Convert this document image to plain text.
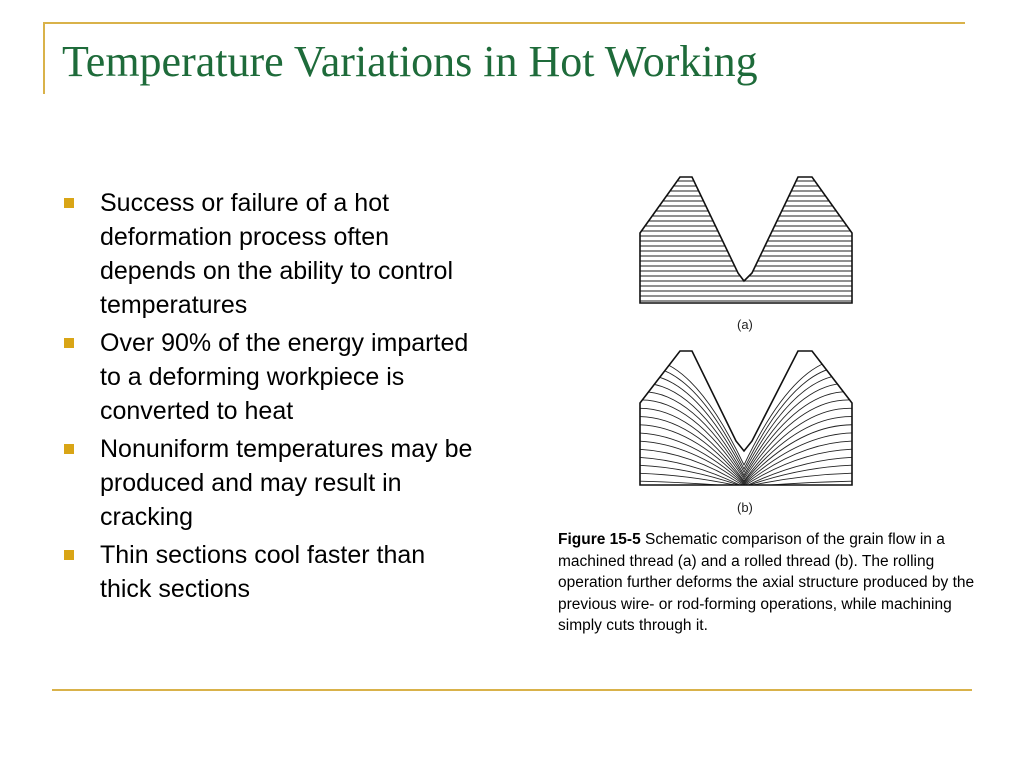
Temperature Variations in Hot Working
Success or failure of a hot deformation process often depends on the ability to control temperatures
Over 90% of the energy imparted to a deforming workpiece is converted to heat
Nonuniform temperatures may be produced and may result in cracking
Thin sections cool faster than thick sections
(a)
(b)
Figure 15-5 Schematic comparison of the grain flow in a machined thread (a) and a rolled thread (b). The rolling operation further deforms the axial structure produced by the previous wire- or rod-forming operations, while machining simply cuts through it.
